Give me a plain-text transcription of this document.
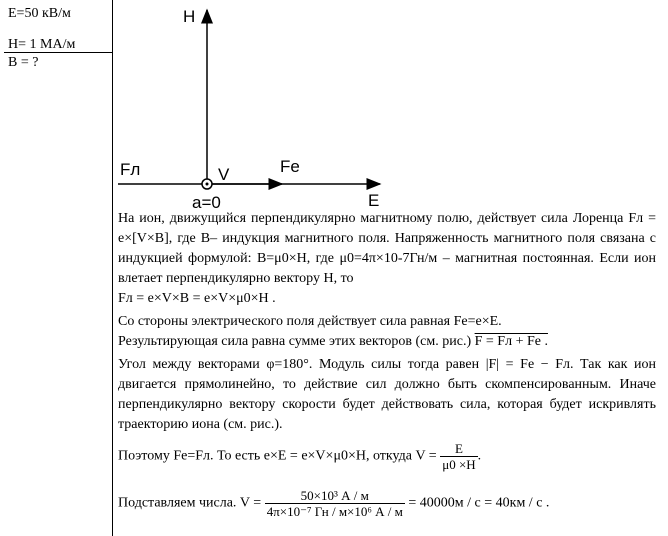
E=50 кВ/м
H= 1 МА/м
B = ?
H
E
Fл	Fe
V
a=0
На ион, движущийся перпендикулярно магнитному полю, действует сила Лоренца Fл = e×[V×B], где B– индукция магнитного поля. Напряженность магнитного поля связана с индукцией формулой: B=μ0×H, где μ0=4π×10-7Гн/м – магнитная постоянная. Если ион влетает перпендикулярно вектору H, то
Fл = e×V×B = e×V×μ0×H .
Со стороны электрического поля действует сила равная Fe=e×E.
Результирующая сила равна сумме этих векторов (см. рис.) F = Fл + Fe .
Угол между векторами φ=180°. Модуль силы тогда равен |F| = Fe − Fл. Так как ион двигается прямолинейно, то действие сил должно быть скомпенсированным. Иначе перпендикулярно вектору скорости будет действовать сила, которая будет искривлять траекторию иона (см. рис.).
Поэтому Fe=Fл. То есть e×E = e×V×μ0×H, откуда $V = \frac{E}{\mu 0 \times H}$ .
Подставляем числа. $V = \frac{\text{50×10³ А / м}}{\text{4π×10⁻⁷ Гн / м×10⁶ А / м}} = 40000м / с = 40км / с$ .
